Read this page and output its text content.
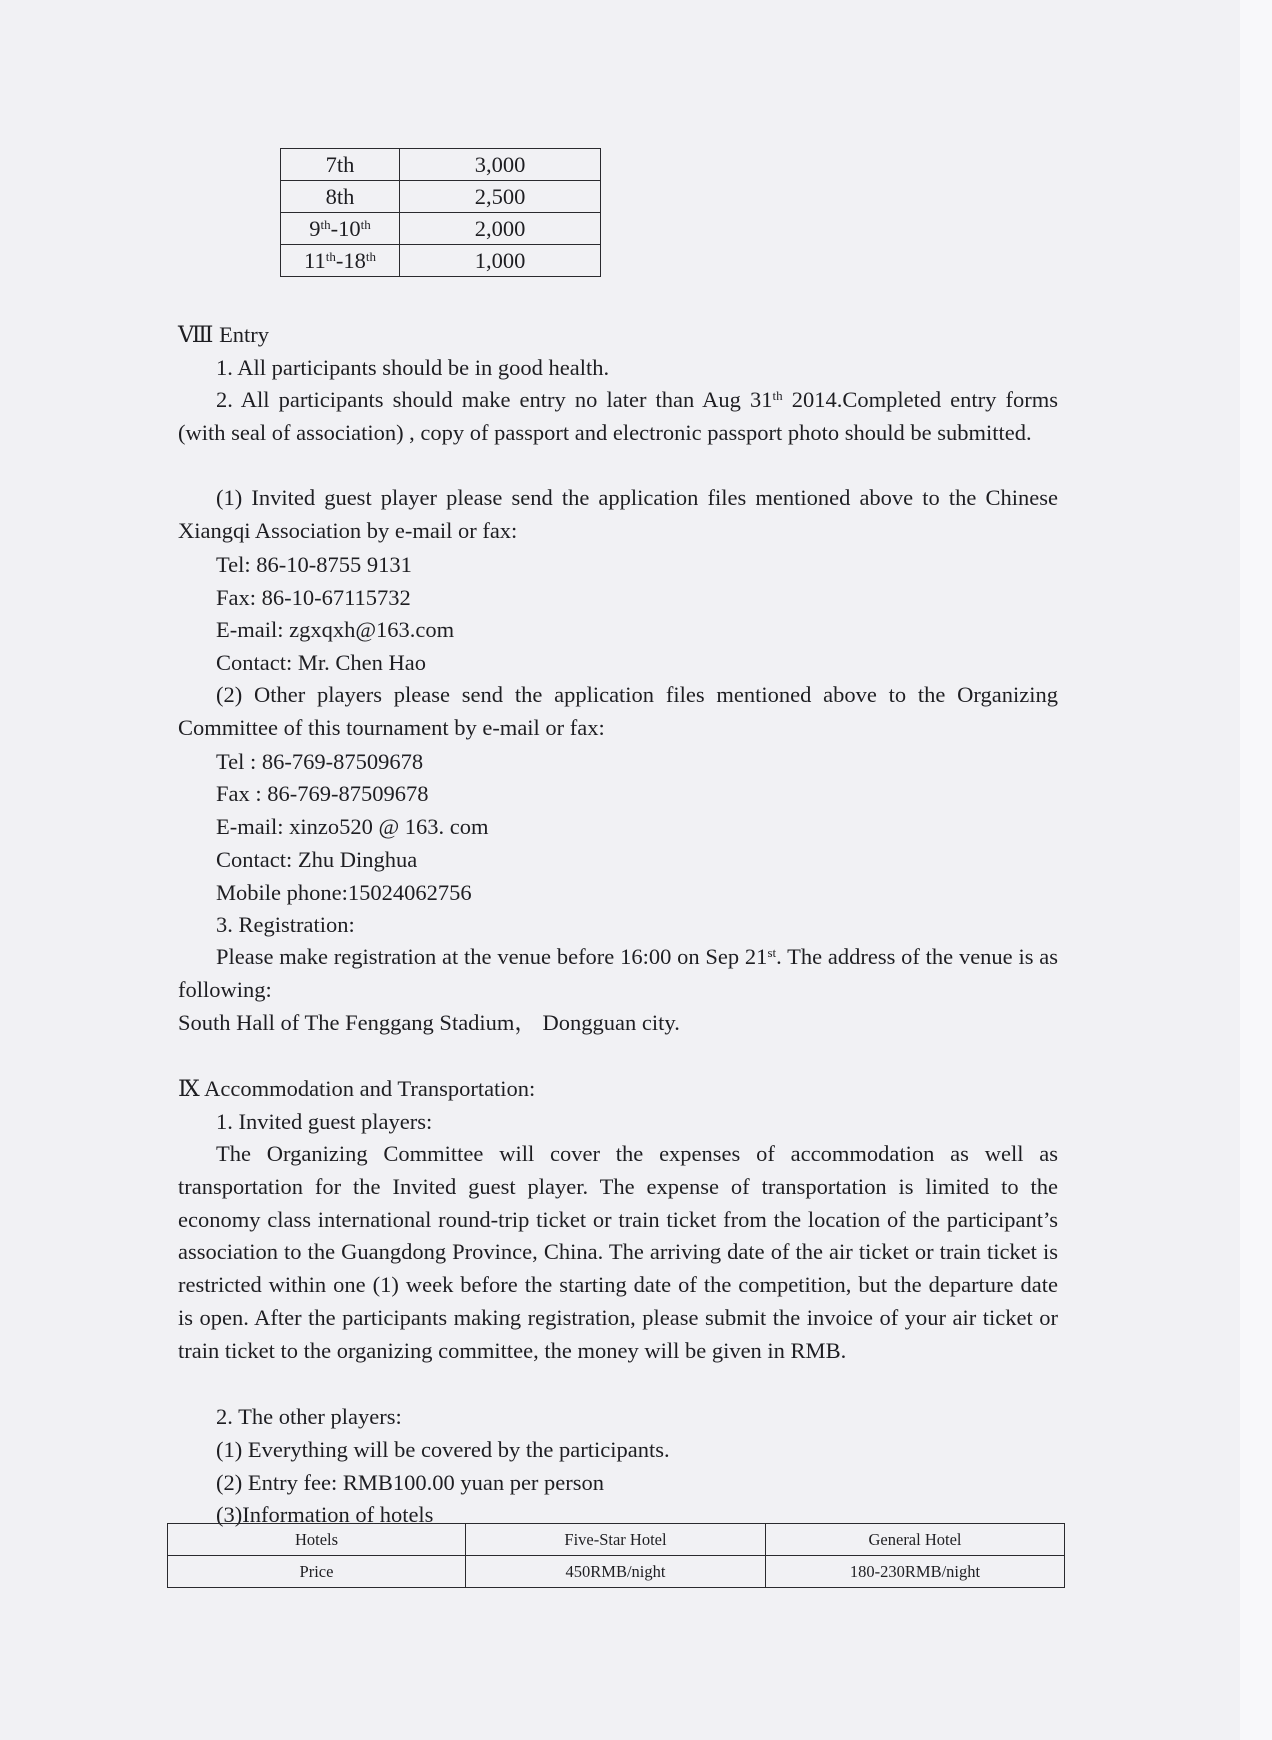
7th	3,000
8th	2,500
9th-10th	2,000
11th-18th	1,000
Ⅷ Entry
1. All participants should be in good health.
2. All participants should make entry no later than Aug 31th 2014.Completed entry forms (with seal of association) , copy of passport and electronic passport photo should be submitted.
(1) Invited guest player please send the application files mentioned above to the Chinese Xiangqi Association by e-mail or fax:
Tel: 86-10-8755 9131
Fax: 86-10-67115732
E-mail: zgxqxh@163.com
Contact: Mr. Chen Hao
(2) Other players please send the application files mentioned above to the Organizing Committee of this tournament by e-mail or fax:
Tel : 86-769-87509678
Fax : 86-769-87509678
E-mail: xinzo520 @ 163. com
Contact: Zhu Dinghua
Mobile phone:15024062756
3. Registration:
Please make registration at the venue before 16:00 on Sep 21st. The address of the venue is as following:
South Hall of The Fenggang Stadium， Dongguan city.
Ⅸ Accommodation and Transportation:
1. Invited guest players:
The Organizing Committee will cover the expenses of accommodation as well as transportation for the Invited guest player. The expense of transportation is limited to the economy class international round-trip ticket or train ticket from the location of the participant’s association to the Guangdong Province, China. The arriving date of the air ticket or train ticket is restricted within one (1) week before the starting date of the competition, but the departure date is open. After the participants making registration, please submit the invoice of your air ticket or train ticket to the organizing committee, the money will be given in RMB.
2. The other players:
(1) Everything will be covered by the participants.
(2) Entry fee: RMB100.00 yuan per person
(3)Information of hotels
Hotels	Five-Star Hotel	General Hotel
Price	450RMB/night	180-230RMB/night
